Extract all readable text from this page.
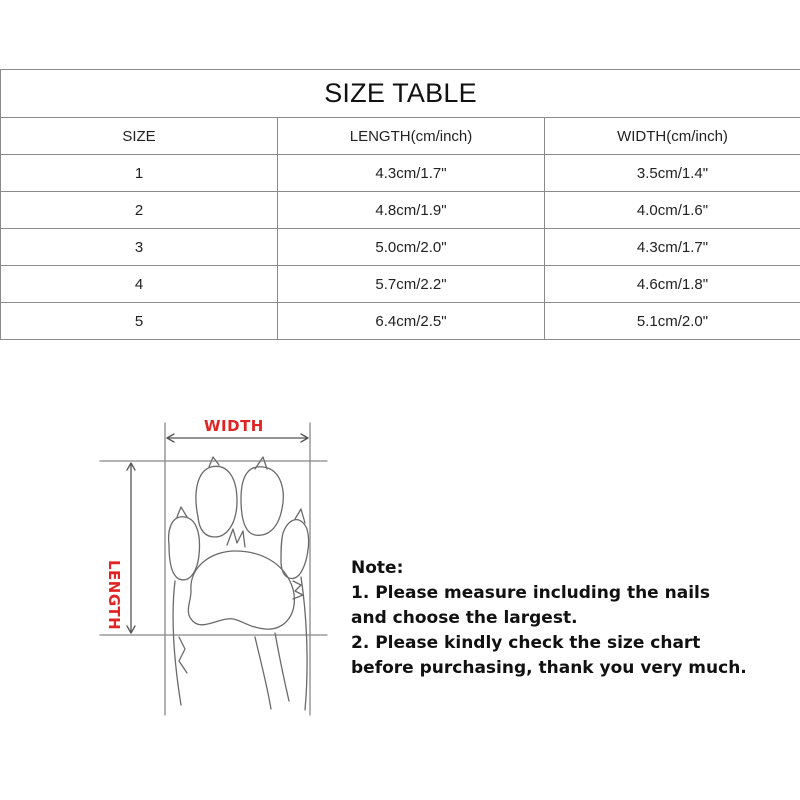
SIZE TABLE		
SIZE	LENGTH(cm/inch)	WIDTH(cm/inch)
1	4.3cm/1.7"	3.5cm/1.4"
2	4.8cm/1.9"	4.0cm/1.6"
3	5.0cm/2.0"	4.3cm/1.7"
4	5.7cm/2.2"	4.6cm/1.8"
5	6.4cm/2.5"	5.1cm/2.0"
WIDTH
LENGTH	Note:
1. Please measure including the nails
and choose the largest.
2. Please kindly check the size chart
before purchasing, thank you very much.
